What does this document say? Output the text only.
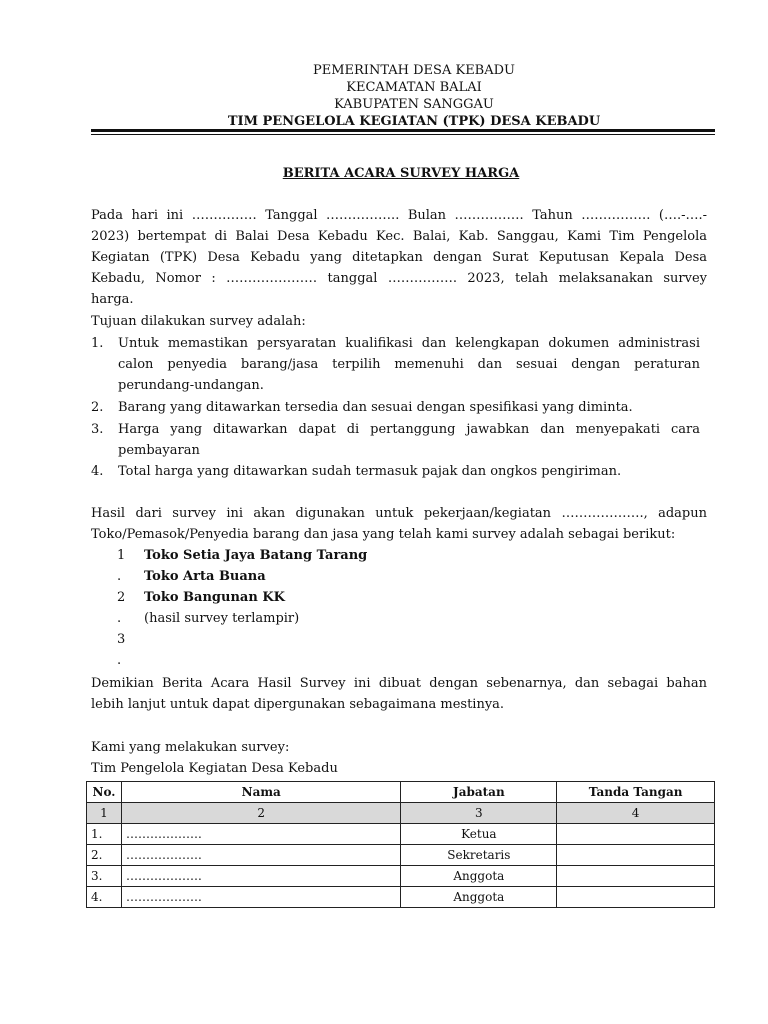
PEMERINTAH DESA KEBADU
KECAMATAN BALAI
KABUPATEN SANGGAU
TIM PENGELOLA KEGIATAN (TPK) DESA KEBADU
BERITA ACARA SURVEY HARGA
Pada hari ini …………… Tanggal …………….. Bulan ……………. Tahun ……………. (….-….-
2023) bertempat di Balai Desa Kebadu Kec. Balai, Kab. Sanggau, Kami Tim Pengelola
Kegiatan (TPK) Desa Kebadu yang ditetapkan dengan Surat Keputusan Kepala Desa
Kebadu, Nomor : ………………… tanggal ……………. 2023, telah melaksanakan survey
harga.
Tujuan dilakukan survey adalah:
1. Untuk memastikan persyaratan kualifikasi dan kelengkapan dokumen administrasi
calon penyedia barang/jasa terpilih memenuhi dan sesuai dengan peraturan
perundang-undangan.
2. Barang yang ditawarkan tersedia dan sesuai dengan spesifikasi yang diminta.
3. Harga yang ditawarkan dapat di pertanggung jawabkan dan menyepakati cara
pembayaran
4. Total harga yang ditawarkan sudah termasuk pajak dan ongkos pengiriman.
Hasil dari survey ini akan digunakan untuk pekerjaan/kegiatan ………………., adapun
Toko/Pemasok/Penyedia barang dan jasa yang telah kami survey adalah sebagai berikut:
1
.
2
.
3
.
Toko Setia Jaya Batang Tarang
Toko Arta Buana
Toko Bangunan KK
(hasil survey terlampir)
Demikian Berita Acara Hasil Survey ini dibuat dengan sebenarnya, dan sebagai bahan
lebih lanjut untuk dapat dipergunakan sebagaimana mestinya.
Kami yang melakukan survey:
Tim Pengelola Kegiatan Desa Kebadu
No.	Nama	Jabatan	Tanda Tangan
1	2	3	4
1.	……………….	Ketua	
2.	……………….	Sekretaris	
3.	……………….	Anggota	
4.	……………….	Anggota	
